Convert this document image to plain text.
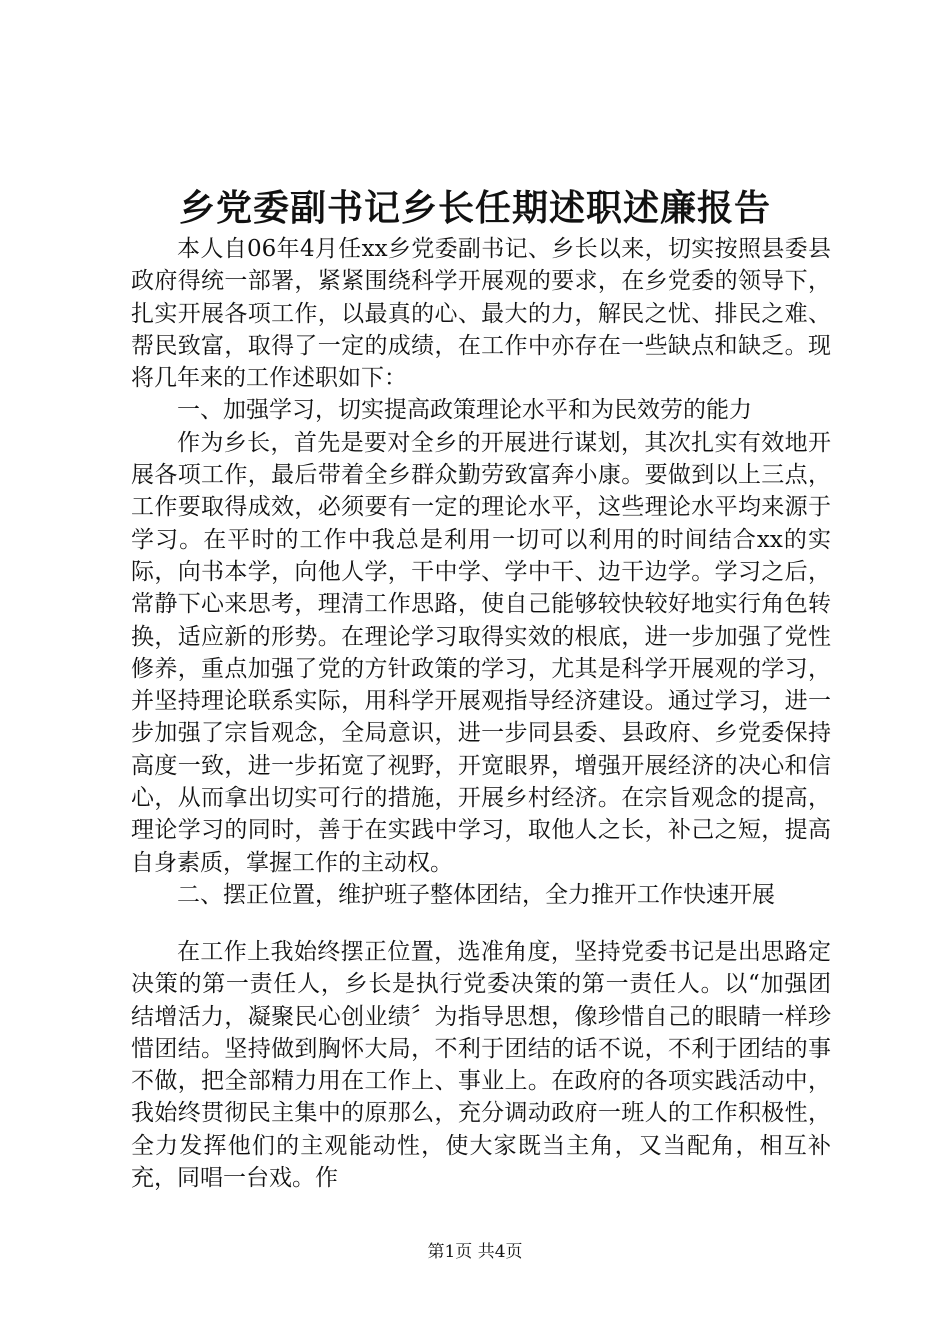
乡党委副书记乡长任期述职述廉报告

本人自06年4月任xx乡党委副书记、乡长以来，切实按照县委县政府得统一部署，紧紧围绕科学开展观的要求，在乡党委的领导下，扎实开展各项工作，以最真的心、最大的力，解民之忧、排民之难、帮民致富，取得了一定的成绩，在工作中亦存在一些缺点和缺乏。现将几年来的工作述职如下：

一、加强学习，切实提高政策理论水平和为民效劳的能力

作为乡长，首先是要对全乡的开展进行谋划，其次扎实有效地开展各项工作，最后带着全乡群众勤劳致富奔小康。要做到以上三点，工作要取得成效，必须要有一定的理论水平，这些理论水平均来源于学习。在平时的工作中我总是利用一切可以利用的时间结合xx的实际，向书本学，向他人学，干中学、学中干、边干边学。学习之后，常静下心来思考，理清工作思路，使自己能够较快较好地实行角色转换，适应新的形势。在理论学习取得实效的根底，进一步加强了党性修养，重点加强了党的方针政策的学习，尤其是科学开展观的学习，并坚持理论联系实际，用科学开展观指导经济建设。通过学习，进一步加强了宗旨观念，全局意识，进一步同县委、县政府、乡党委保持高度一致，进一步拓宽了视野，开宽眼界，增强开展经济的决心和信心，从而拿出切实可行的措施，开展乡村经济。在宗旨观念的提高，理论学习的同时，善于在实践中学习，取他人之长，补己之短，提高自身素质，掌握工作的主动权。

二、摆正位置，维护班子整体团结，全力推开工作快速开展

在工作上我始终摆正位置，选准角度，坚持党委书记是出思路定决策的第一责任人，乡长是执行党委决策的第一责任人。以“加强团结增活力，凝聚民心创业绩〞为指导思想，像珍惜自己的眼睛一样珍惜团结。坚持做到胸怀大局，不利于团结的话不说，不利于团结的事不做，把全部精力用在工作上、事业上。在政府的各项实践活动中，我始终贯彻民主集中的原那么，充分调动政府一班人的工作积极性，全力发挥他们的主观能动性，使大家既当主角，又当配角，相互补充，同唱一台戏。作

第1页 共4页
